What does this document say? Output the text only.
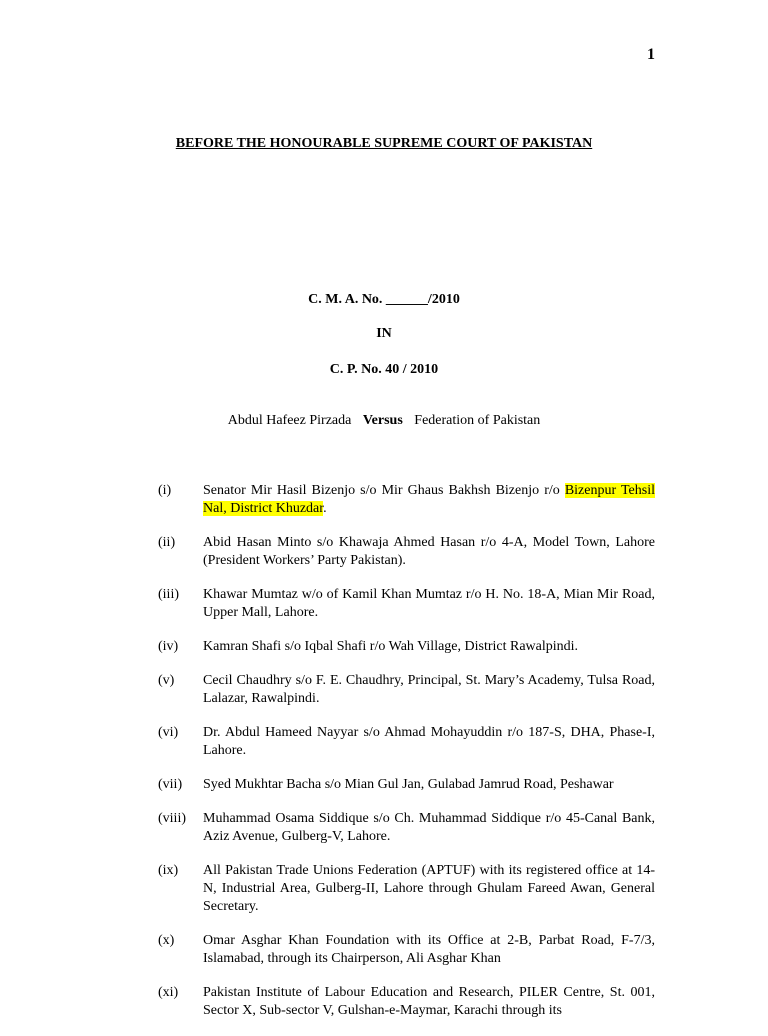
1
BEFORE THE HONOURABLE SUPREME COURT OF PAKISTAN
C. M. A. No. ______/2010
IN
C. P. No. 40 / 2010
Abdul Hafeez Pirzada Versus Federation of Pakistan
(i)	Senator Mir Hasil Bizenjo s/o Mir Ghaus Bakhsh Bizenjo r/o Bizenpur Tehsil Nal, District Khuzdar.
(ii)	Abid Hasan Minto s/o Khawaja Ahmed Hasan r/o 4-A, Model Town, Lahore (President Workers’ Party Pakistan).
(iii)	Khawar Mumtaz w/o of Kamil Khan Mumtaz r/o H. No. 18-A, Mian Mir Road, Upper Mall, Lahore.
(iv)	Kamran Shafi s/o Iqbal Shafi r/o Wah Village, District Rawalpindi.
(v)	Cecil Chaudhry s/o F. E. Chaudhry, Principal, St. Mary’s Academy, Tulsa Road, Lalazar, Rawalpindi.
(vi)	Dr. Abdul Hameed Nayyar s/o Ahmad Mohayuddin r/o 187-S, DHA, Phase-I, Lahore.
(vii)	Syed Mukhtar Bacha s/o Mian Gul Jan, Gulabad Jamrud Road, Peshawar
(viii)	Muhammad Osama Siddique s/o Ch. Muhammad Siddique r/o 45-Canal Bank, Aziz Avenue, Gulberg-V, Lahore.
(ix)	All Pakistan Trade Unions Federation (APTUF) with its registered office at 14-N, Industrial Area, Gulberg-II, Lahore through Ghulam Fareed Awan, General Secretary.
(x)	Omar Asghar Khan Foundation with its Office at 2-B, Parbat Road, F-7/3, Islamabad, through its Chairperson, Ali Asghar Khan
(xi)	Pakistan Institute of Labour Education and Research, PILER Centre, St. 001, Sector X, Sub-sector V, Gulshan-e-Maymar, Karachi through its
